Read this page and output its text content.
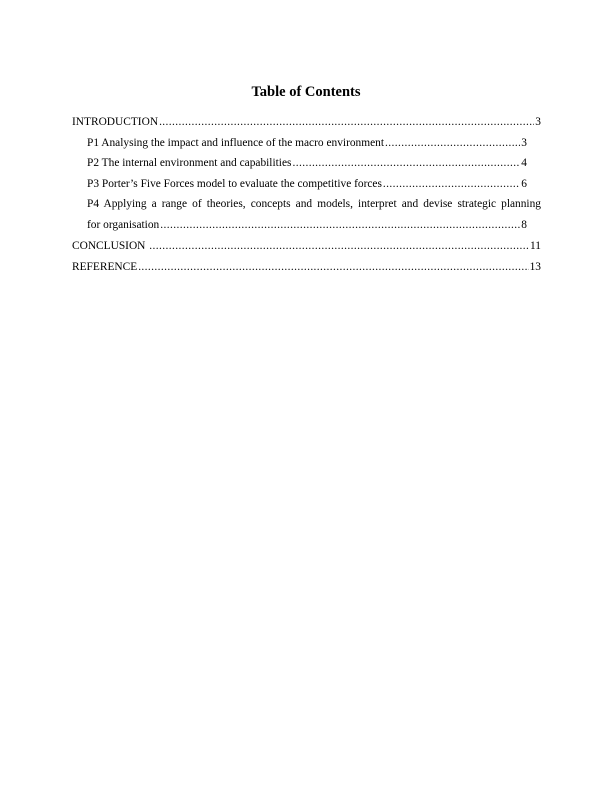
Table of Contents
INTRODUCTION .....	3
P1 Analysing the impact and influence of the macro environment .....	3
P2 The internal environment and capabilities .....	4
P3 Porter’s Five Forces model to evaluate the competitive forces .....	6
P4 Applying a range of theories, concepts and models, interpret and devise strategic planning
for organisation .....	8
CONCLUSION .....	11
REFERENCE .....	13
